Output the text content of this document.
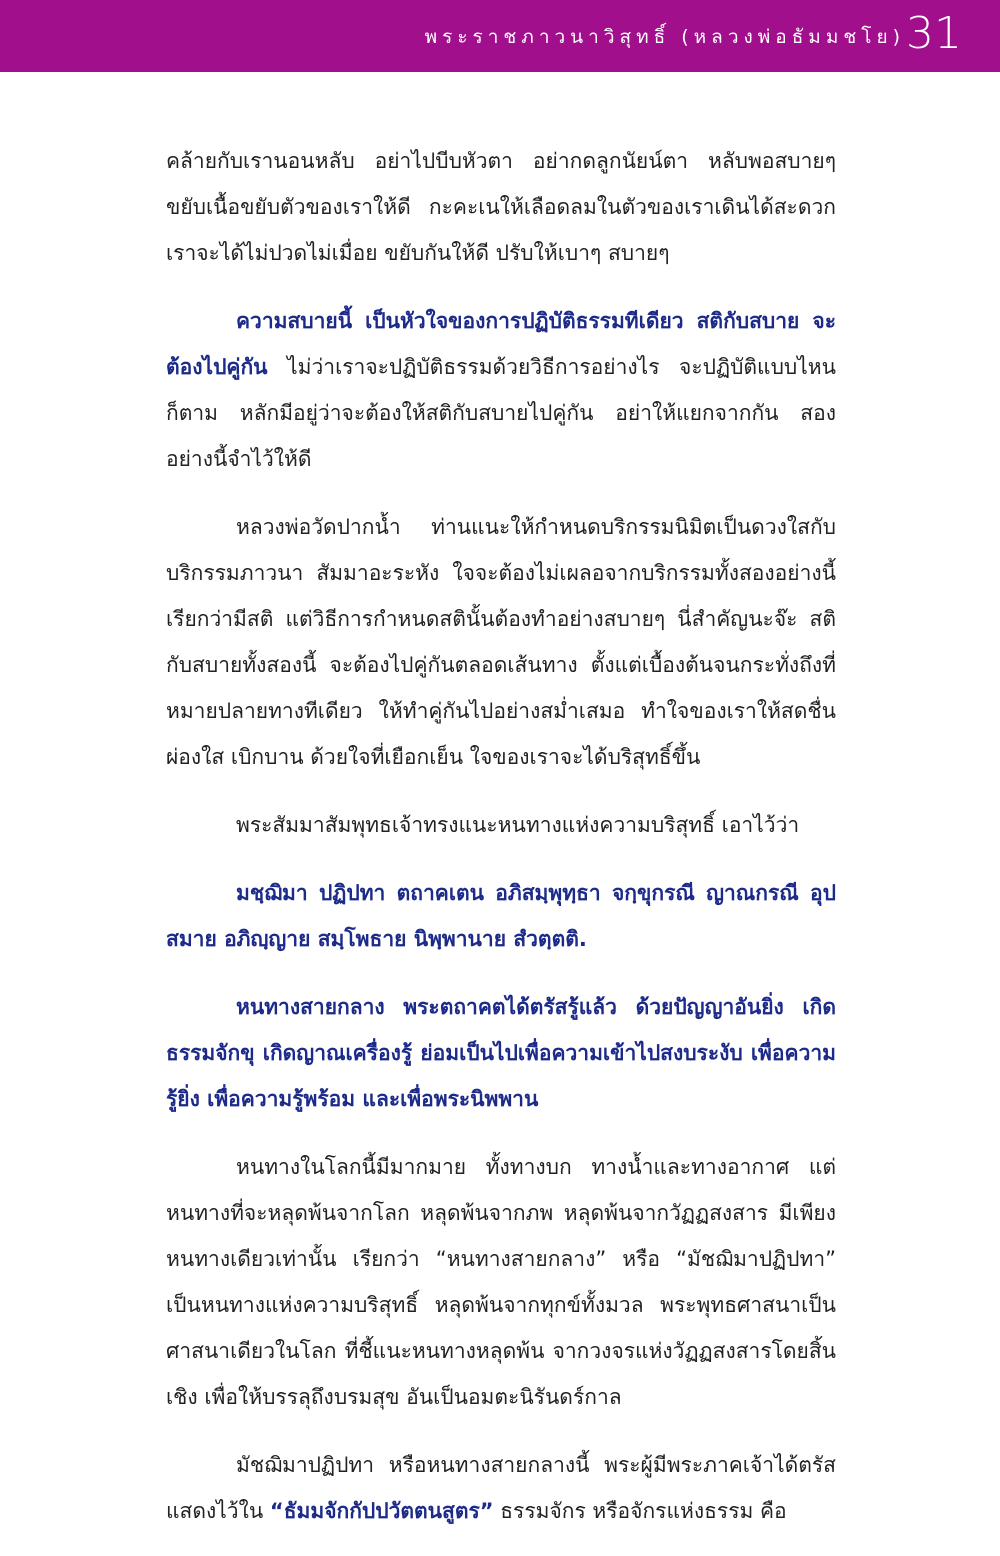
พระราชภาวนาวิสุทธิ์ (หลวงพ่อธัมมชโย) 31

คล้ายกับเรานอนหลับ อย่าไปบีบหัวตา อย่ากดลูกนัยน์ตา หลับพอสบายๆ ขยับเนื้อขยับตัวของเราให้ดี กะคะเนให้เลือดลมในตัวของเราเดินได้สะดวก เราจะได้ไม่ปวดไม่เมื่อย ขยับกันให้ดี ปรับให้เบาๆ สบายๆ

ความสบายนี้ เป็นหัวใจของการปฏิบัติธรรมทีเดียว สติกับสบาย จะต้องไปคู่กัน ไม่ว่าเราจะปฏิบัติธรรมด้วยวิธีการอย่างไร จะปฏิบัติแบบไหนก็ตาม หลักมีอยู่ว่าจะต้องให้สติกับสบายไปคู่กัน อย่าให้แยกจากกัน สองอย่างนี้จำไว้ให้ดี

หลวงพ่อวัดปากน้ำ ท่านแนะให้กำหนดบริกรรมนิมิตเป็นดวงใสกับบริกรรมภาวนา สัมมาอะระหัง ใจจะต้องไม่เผลอจากบริกรรมทั้งสองอย่างนี้ เรียกว่ามีสติ แต่วิธีการกำหนดสตินั้นต้องทำอย่างสบายๆ นี่สำคัญนะจ๊ะ สติกับสบายทั้งสองนี้ จะต้องไปคู่กันตลอดเส้นทาง ตั้งแต่เบื้องต้นจนกระทั่งถึงที่หมายปลายทางทีเดียว ให้ทำคู่กันไปอย่างสม่ำเสมอ ทำใจของเราให้สดชื่นผ่องใส เบิกบาน ด้วยใจที่เยือกเย็น ใจของเราจะได้บริสุทธิ์ขึ้น

พระสัมมาสัมพุทธเจ้าทรงแนะหนทางแห่งความบริสุทธิ์ เอาไว้ว่า

มชฺฌิมา ปฏิปทา ตถาคเตน อภิสมฺพุทฺธา จกฺขุกรณี ญาณกรณี อุปสมาย อภิญฺญาย สมฺโพธาย นิพฺพานาย สํวตฺตติ.

หนทางสายกลาง พระตถาคตได้ตรัสรู้แล้ว ด้วยปัญญาอันยิ่ง เกิดธรรมจักขุ เกิดญาณเครื่องรู้ ย่อมเป็นไปเพื่อความเข้าไปสงบระงับ เพื่อความรู้ยิ่ง เพื่อความรู้พร้อม และเพื่อพระนิพพาน

หนทางในโลกนี้มีมากมาย ทั้งทางบก ทางน้ำและทางอากาศ แต่หนทางที่จะหลุดพ้นจากโลก หลุดพ้นจากภพ หลุดพ้นจากวัฏฏสงสาร มีเพียงหนทางเดียวเท่านั้น เรียกว่า “หนทางสายกลาง” หรือ “มัชฌิมาปฏิปทา” เป็นหนทางแห่งความบริสุทธิ์ หลุดพ้นจากทุกข์ทั้งมวล พระพุทธศาสนาเป็นศาสนาเดียวในโลก ที่ชี้แนะหนทางหลุดพ้น จากวงจรแห่งวัฏฏสงสารโดยสิ้นเชิง เพื่อให้บรรลุถึงบรมสุข อันเป็นอมตะนิรันดร์กาล

มัชฌิมาปฏิปทา หรือหนทางสายกลางนี้ พระผู้มีพระภาคเจ้าได้ตรัสแสดงไว้ใน “ธัมมจักกัปปวัตตนสูตร” ธรรมจักร หรือจักรแห่งธรรม คือ
